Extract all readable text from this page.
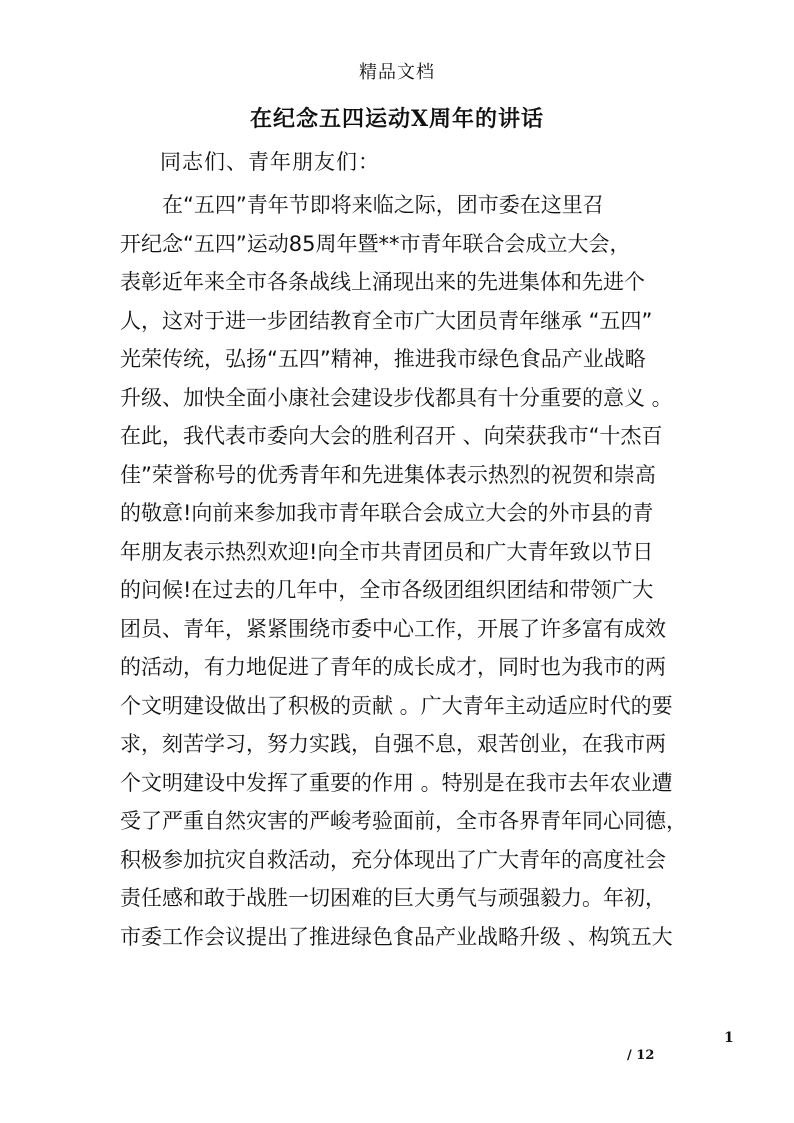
精品文档
在纪念五四运动X周年的讲话
同志们、青年朋友们：

　　在“五四”青年节即将来临之际，团市委在这里召

开纪念“五四”运动85周年暨**市青年联合会成立大会，

表彰近年来全市各条战线上涌现出来的先进集体和先进个

人，这对于进一步团结教育全市广大团员青年继承 “五四”

光荣传统，弘扬“五四”精神，推进我市绿色食品产业战略

升级、加快全面小康社会建设步伐都具有十分重要的意义 。

在此，我代表市委向大会的胜利召开 、向荣获我市“十杰百

佳”荣誉称号的优秀青年和先进集体表示热烈的祝贺和崇高

的敬意!向前来参加我市青年联合会成立大会的外市县的青

年朋友表示热烈欢迎!向全市共青团员和广大青年致以节日

的问候!在过去的几年中，全市各级团组织团结和带领广大

团员、青年，紧紧围绕市委中心工作，开展了许多富有成效

的活动，有力地促进了青年的成长成才，同时也为我市的两

个文明建设做出了积极的贡献 。广大青年主动适应时代的要

求，刻苦学习，努力实践，自强不息，艰苦创业，在我市两

个文明建设中发挥了重要的作用 。特别是在我市去年农业遭

受了严重自然灾害的严峻考验面前，全市各界青年同心同德，

积极参加抗灾自救活动，充分体现出了广大青年的高度社会

责任感和敢于战胜一切困难的巨大勇气与顽强毅力。年初，

市委工作会议提出了推进绿色食品产业战略升级 、构筑五大

1
/ 12
